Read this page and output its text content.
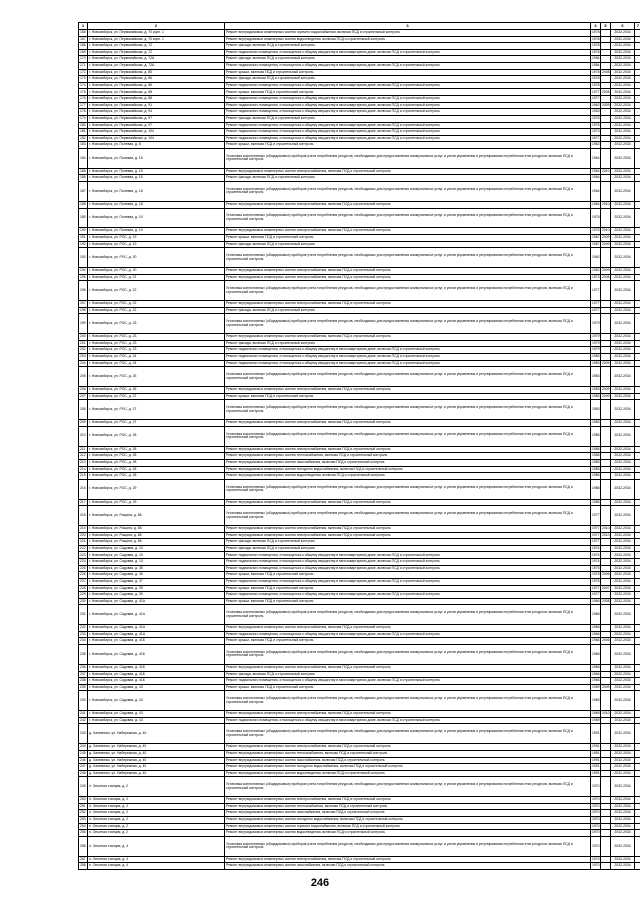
1	2	3	4	5	6	7
166	г. Новосибирск, ул. Первомайская, д. 70 корп. 1	Ремонт внутридомовых инженерных систем горячего водоснабжения, включая ПСД и строительный контроль	1978		2032-2034	
167	г. Новосибирск, ул. Первомайская, д. 70 корп. 1	Ремонт внутридомовых инженерных систем водоотведения, включая ПСД и строительный контроль	1978		2032-2034	
168	г. Новосибирск, ул. Первомайская, д. 72	Ремонт фасада, включая ПСД и строительный контроль	1978		2032-2034	
169	г. Новосибирск, ул. Первомайская, д. 72	Ремонт подвального помещения, относящегося к общему имуществу в многоквартирном доме, включая ПСД и строительный контроль	1978		2032-2034	
170	г. Новосибирск, ул. Первомайская, д. 72А	Ремонт фасада, включая ПСД и строительный контроль	1984		2032-2034	
171	г. Новосибирск, ул. Первомайская, д. 72А	Ремонт подвального помещения, относящегося к общему имуществу в многоквартирном доме, включая ПСД и строительный контроль	1984		2032-2034	
172	г. Новосибирск, ул. Первомайская, д. 86	Ремонт крыши, включая ПСД и строительный контроль	1978	2008	2032-2034	
173	г. Новосибирск, ул. Первомайская, д. 86	Ремонт фасада, включая ПСД и строительный контроль	1978		2032-2034	
174	г. Новосибирск, ул. Первомайская, д. 86	Ремонт подвального помещения, относящегося к общему имуществу в многоквартирном доме, включая ПСД и строительный контроль	1978		2032-2034	
175	г. Новосибирск, ул. Первомайская, д. 88	Ремонт крыши, включая ПСД и строительный контроль	1977	2008	2032-2034	
176	г. Новосибирск, ул. Первомайская, д. 88	Ремонт подвального помещения, относящегося к общему имуществу в многоквартирном доме, включая ПСД и строительный контроль	1977		2032-2034	
177	г. Новосибирск, ул. Первомайская, д. 91	Ремонт подвального помещения, относящегося к общему имуществу в многоквартирном доме, включая ПСД и строительный контроль	1962	2009	2032-2034	
178	г. Новосибирск, ул. Первомайская, д. 94	Ремонт подвального помещения, относящегося к общему имуществу в многоквартирном доме, включая ПСД и строительный контроль	1963		2032-2034	
179	г. Новосибирск, ул. Первомайская, д. 97	Ремонт фасада, включая ПСД и строительный контроль	1975		2032-2034	
180	г. Новосибирск, ул. Первомайская, д. 97	Ремонт подвального помещения, относящегося к общему имуществу в многоквартирном доме, включая ПСД и строительный контроль	1975		2032-2034	
181	г. Новосибирск, ул. Первомайская, д. 104	Ремонт подвального помещения, относящегося к общему имуществу в многоквартирном доме, включая ПСД и строительный контроль	1973		2032-2034	
182	г. Новосибирск, ул. Первомайская, д. 104	Ремонт подвального помещения, относящегося к общему имуществу в многоквартирном доме, включая ПСД и строительный контроль	1977		2032-2034	
183	г. Новосибирск, ул. Полевая, д. 8	Ремонт крыши, включая ПСД и строительный контроль	1962		2032-2034	
184	г. Новосибирск, ул. Полевая, д. 15	Установка коллективных (общедомовых) приборов учета потребления ресурсов, необходимых для предоставления коммунальных услуг, и узлов управления и регулирования потребления этих ресурсов, включая ПСД и строительный контроль	1964		2032-2034	
185	г. Новосибирск, ул. Полевая, д. 15	Ремонт внутридомовых инженерных систем электроснабжения, включая ПСД и строительный контроль	1964	2010	2032-2034	
186	г. Новосибирск, ул. Полевая, д. 15	Ремонт фасада, включая ПСД и строительный контроль	1964		2032-2034	
187	г. Новосибирск, ул. Полевая, д. 18	Установка коллективных (общедомовых) приборов учета потребления ресурсов, необходимых для предоставления коммунальных услуг, и узлов управления и регулирования потребления этих ресурсов, включая ПСД и строительный контроль	1964		2032-2034	
188	г. Новосибирск, ул. Полевая, д. 18	Ремонт внутридомовых инженерных систем электроснабжения, включая ПСД и строительный контроль	1964	2010	2032-2034	
189	г. Новосибирск, ул. Полевая, д. 10	Установка коллективных (общедомовых) приборов учета потребления ресурсов, необходимых для предоставления коммунальных услуг, и узлов управления и регулирования потребления этих ресурсов, включая ПСД и строительный контроль	1975		2032-2034	
190	г. Новосибирск, ул. Полевая, д. 10	Ремонт внутридомовых инженерных систем электроснабжения, включая ПСД и строительный контроль	1975	2010	2032-2034	
191	г. Новосибирск, ул. РОС, д. 19	Ремонт крыши, включая ПСД и строительный контроль	1967	2009	2032-2034	
192	г. Новосибирск, ул. РОС, д. 19	Ремонт фасада, включая ПСД и строительный контроль	1967	2009	2032-2034	
193	г. Новосибирск, ул. РОС, д. 20	Установка коллективных (общедомовых) приборов учета потребления ресурсов, необходимых для предоставления коммунальных услуг, и узлов управления и регулирования потребления этих ресурсов, включая ПСД и строительный контроль	1962		2032-2034	
194	г. Новосибирск, ул. РОС, д. 20	Ремонт внутридомовых инженерных систем электроснабжения, включая ПСД и строительный контроль	1962	2009	2032-2034	
195	г. Новосибирск, ул. РОС, д. 21	Ремонт внутридомовых инженерных систем электроснабжения, включая ПСД и строительный контроль	1973	2008	2032-2034	
196	г. Новосибирск, ул. РОС, д. 22	Установка коллективных (общедомовых) приборов учета потребления ресурсов, необходимых для предоставления коммунальных услуг, и узлов управления и регулирования потребления этих ресурсов, включая ПСД и строительный контроль	1977		2032-2034	
197	г. Новосибирск, ул. РОС, д. 22	Ремонт внутридомовых инженерных систем электроснабжения, включая ПСД и строительный контроль	1977		2032-2034	
198	г. Новосибирск, ул. РОС, д. 22	Ремонт фасада, включая ПСД и строительный контроль	1977		2032-2034	
199	г. Новосибирск, ул. РОС, д. 23	Установка коллективных (общедомовых) приборов учета потребления ресурсов, необходимых для предоставления коммунальных услуг, и узлов управления и регулирования потребления этих ресурсов, включая ПСД и строительный контроль	1979		2032-2034	
200	г. Новосибирск, ул. РОС, д. 23	Ремонт внутридомовых инженерных систем электроснабжения, включая ПСД и строительный контроль	1979		2032-2034	
201	г. Новосибирск, ул. РОС, д. 23	Ремонт фасада, включая ПСД и строительный контроль	1979		2032-2034	
202	г. Новосибирск, ул. РОС, д. 23	Ремонт подвального помещения, относящегося к общему имуществу в многоквартирном доме, включая ПСД и строительный контроль	1979		2032-2034	
203	г. Новосибирск, ул. РОС, д. 24	Ремонт подвального помещения, относящегося к общему имуществу в многоквартирном доме, включая ПСД и строительный контроль	1983		2032-2034	
204	г. Новосибирск, ул. РОС, д. 24	Ремонт подвального помещения, относящегося к общему имуществу в многоквартирном доме, включая ПСД и строительный контроль	1983	2009	2032-2034	
205	г. Новосибирск, ул. РОС, д. 26	Установка коллективных (общедомовых) приборов учета потребления ресурсов, необходимых для предоставления коммунальных услуг, и узлов управления и регулирования потребления этих ресурсов, включая ПСД и строительный контроль	1983		2032-2034	
206	г. Новосибирск, ул. РОС, д. 26	Ремонт внутридомовых инженерных систем электроснабжения, включая ПСД и строительный контроль	1983	2009	2032-2034	
207	г. Новосибирск, ул. РОС, д. 27	Ремонт крыши, включая ПСД и строительный контроль	1983	2009	2032-2034	
208	г. Новосибирск, ул. РОС, д. 27	Установка коллективных (общедомовых) приборов учета потребления ресурсов, необходимых для предоставления коммунальных услуг, и узлов управления и регулирования потребления этих ресурсов, включая ПСД и строительный контроль	1983		2032-2034	
209	г. Новосибирск, ул. РОС, д. 27	Ремонт внутридомовых инженерных систем электроснабжения, включая ПСД и строительный контроль	1983		2032-2034	
210	г. Новосибирск, ул. РОС, д. 28	Установка коллективных (общедомовых) приборов учета потребления ресурсов, необходимых для предоставления коммунальных услуг, и узлов управления и регулирования потребления этих ресурсов, включая ПСД и строительный контроль	1985		2032-2034	
211	г. Новосибирск, ул. РОС, д. 28	Ремонт внутридомовых инженерных систем электроснабжения, включая ПСД и строительный контроль	1985		2032-2034	
212	г. Новосибирск, ул. РОС, д. 28	Ремонт внутридомовых инженерных систем теплоснабжения, включая ПСД и строительный контроль	1985		2032-2034	
213	г. Новосибирск, ул. РОС, д. 28	Ремонт внутридомовых инженерных систем газоснабжения, включая ПСД и строительный контроль	1985		2032-2034	
214	г. Новосибирск, ул. РОС, д. 28	Ремонт внутридомовых инженерных систем холодного водоснабжения, включая ПСД и строительный контроль	1985		2032-2034	
215	г. Новосибирск, ул. РОС, д. 28	Ремонт внутридомовых инженерных систем водоотведения, включая ПСД и строительный контроль	1985		2032-2034	
216	г. Новосибирск, ул. РОС, д. 29	Установка коллективных (общедомовых) приборов учета потребления ресурсов, необходимых для предоставления коммунальных услуг, и узлов управления и регулирования потребления этих ресурсов, включая ПСД и строительный контроль	1986		2032-2034	
217	г. Новосибирск, ул. РОС, д. 29	Ремонт внутридомовых инженерных систем электроснабжения, включая ПСД и строительный контроль	1986		2032-2034	
218	г. Новосибирск, ул. Рощина, д. 68	Установка коллективных (общедомовых) приборов учета потребления ресурсов, необходимых для предоставления коммунальных услуг, и узлов управления и регулирования потребления этих ресурсов, включая ПСД и строительный контроль	1977		2032-2034	
219	г. Новосибирск, ул. Рощина, д. 68	Ремонт внутридомовых инженерных систем электроснабжения, включая ПСД и строительный контроль	1977	2010	2032-2034	
220	г. Новосибирск, ул. Рощина, д. 68	Ремонт внутридомовых инженерных систем электроснабжения, включая ПСД и строительный контроль	1977	2010	2032-2034	
221	г. Новосибирск, ул. Рощина, д. 68	Ремонт фасада, включая ПСД и строительный контроль	1977		2032-2034	
222	г. Новосибирск, ул. Садовая, д. 10	Ремонт фасада, включая ПСД и строительный контроль	1974		2032-2034	
223	г. Новосибирск, ул. Садовая, д. 10	Ремонт подвального помещения, относящегося к общему имуществу в многоквартирном доме, включая ПСД и строительный контроль	1974		2032-2034	
224	г. Новосибирск, ул. Садовая, д. 10	Ремонт подвального помещения, относящегося к общему имуществу в многоквартирном доме, включая ПСД и строительный контроль	1974		2032-2034	
225	г. Новосибирск, ул. Садовая, д. 35	Ремонт подвального помещения, относящегося к общему имуществу в многоквартирном доме, включая ПСД и строительный контроль	1975		2032-2034	
226	г. Новосибирск, ул. Садовая, д. 35	Ремонт крыши, включая ПСД и строительный контроль	1975	2006	2032-2034	
227	г. Новосибирск, ул. Садовая, д. 37	Ремонт подвального помещения, относящегося к общему имуществу в многоквартирном доме, включая ПСД и строительный контроль	1975		2032-2034	
228	г. Новосибирск, ул. Садовая, д. 39	Ремонт крыши, включая ПСД и строительный контроль	1977	2007	2032-2034	
229	г. Новосибирск, ул. Садовая, д. 39	Ремонт подвального помещения, относящегося к общему имуществу в многоквартирном доме, включая ПСД и строительный контроль	1977		2032-2034	
230	г. Новосибирск, ул. Садовая, д. 41А	Ремонт крыши, включая ПСД и строительный контроль	1966	2008	2032-2034	
231	г. Новосибирск, ул. Садовая, д. 41А	Установка коллективных (общедомовых) приборов учета потребления ресурсов, необходимых для предоставления коммунальных услуг, и узлов управления и регулирования потребления этих ресурсов, включая ПСД и строительный контроль	1966		2032-2034	
232	г. Новосибирск, ул. Садовая, д. 41А	Ремонт внутридомовых инженерных систем электроснабжения, включая ПСД и строительный контроль	1966		2032-2034	
233	г. Новосибирск, ул. Садовая, д. 41А	Ремонт подвального помещения, относящегося к общему имуществу в многоквартирном доме, включая ПСД и строительный контроль	1966		2032-2034	
234	г. Новосибирск, ул. Садовая, д. 41Б	Ремонт крыши, включая ПСД и строительный контроль	1966	2006	2032-2034	
235	г. Новосибирск, ул. Садовая, д. 41Б	Установка коллективных (общедомовых) приборов учета потребления ресурсов, необходимых для предоставления коммунальных услуг, и узлов управления и регулирования потребления этих ресурсов, включая ПСД и строительный контроль	1966		2032-2034	
236	г. Новосибирск, ул. Садовая, д. 41Б	Ремонт внутридомовых инженерных систем электроснабжения, включая ПСД и строительный контроль	1966		2032-2034	
237	г. Новосибирск, ул. Садовая, д. 41Б	Ремонт фасада, включая ПСД и строительный контроль	1966		2032-2034	
238	г. Новосибирск, ул. Садовая, д. 41Б	Ремонт подвального помещения, относящегося к общему имуществу в многоквартирном доме, включая ПСД и строительный контроль	1966		2032-2034	
239	г. Новосибирск, ул. Садовая, д. 43	Ремонт крыши, включая ПСД и строительный контроль	1969	2009	2032-2034	
240	г. Новосибирск, ул. Садовая, д. 43	Установка коллективных (общедомовых) приборов учета потребления ресурсов, необходимых для предоставления коммунальных услуг, и узлов управления и регулирования потребления этих ресурсов, включая ПСД и строительный контроль	1969		2032-2034	
241	г. Новосибирск, ул. Садовая, д. 43	Ремонт внутридомовых инженерных систем электроснабжения, включая ПСД и строительный контроль	1969	2010	2032-2034	
242	г. Новосибирск, ул. Садовая, д. 43	Ремонт подвального помещения, относящегося к общему имуществу в многоквартирном доме, включая ПСД и строительный контроль	1969		2032-2034	
243	д. Халевинск, ул. Набережная, д. 40	Установка коллективных (общедомовых) приборов учета потребления ресурсов, необходимых для предоставления коммунальных услуг, и узлов управления и регулирования потребления этих ресурсов, включая ПСД и строительный контроль	1991		2032-2034	
244	д. Халевинск, ул. Набережная, д. 40	Ремонт внутридомовых инженерных систем электроснабжения, включая ПСД и строительный контроль	1991		2032-2034	
245	д. Халевинск, ул. Набережная, д. 40	Ремонт внутридомовых инженерных систем теплоснабжения, включая ПСД и строительный контроль	1991		2032-2034	
246	д. Халевинск, ул. Набережная, д. 40	Ремонт внутридомовых инженерных систем газоснабжения, включая ПСД и строительный контроль	1991		2032-2034	
247	д. Халевинск, ул. Набережная, д. 40	Ремонт внутридомовых инженерных систем холодного водоснабжения, включая ПСД и строительный контроль	1991		2032-2034	
248	д. Халевинск, ул. Набережная, д. 40	Ремонт внутридомовых инженерных систем водоотведения, включая ПСД и строительный контроль	1991		2032-2034	
249	п. Опытная станция, д. 2	Установка коллективных (общедомовых) приборов учета потребления ресурсов, необходимых для предоставления коммунальных услуг, и узлов управления и регулирования потребления этих ресурсов, включая ПСД и строительный контроль	1970		2032-2034	
250	п. Опытная станция, д. 2	Ремонт внутридомовых инженерных систем электроснабжения, включая ПСД и строительный контроль	1970		2032-2034	
251	п. Опытная станция, д. 2	Ремонт внутридомовых инженерных систем теплоснабжения, включая ПСД и строительный контроль	1970		2032-2034	
252	п. Опытная станция, д. 2	Ремонт внутридомовых инженерных систем газоснабжения, включая ПСД и строительный контроль	1970		2032-2034	
253	п. Опытная станция, д. 2	Ремонт внутридомовых инженерных систем холодного водоснабжения, включая ПСД и строительный контроль	1970		2032-2034	
254	п. Опытная станция, д. 2	Ремонт внутридомовых инженерных систем горячего водоснабжения, включая ПСД и строительный контроль	1970		2032-2034	
255	п. Опытная станция, д. 2	Ремонт внутридомовых инженерных систем водоотведения, включая ПСД и строительный контроль	1970		2032-2034	
256	п. Опытная станция, д. 4	Установка коллективных (общедомовых) приборов учета потребления ресурсов, необходимых для предоставления коммунальных услуг, и узлов управления и регулирования потребления этих ресурсов, включая ПСД и строительный контроль	1970		2032-2034	
257	п. Опытная станция, д. 4	Ремонт внутридомовых инженерных систем электроснабжения, включая ПСД и строительный контроль	1970		2032-2034	
258	п. Опытная станция, д. 4	Ремонт внутридомовых инженерных систем газоснабжения, включая ПСД и строительный контроль	1970		2032-2034	
246
